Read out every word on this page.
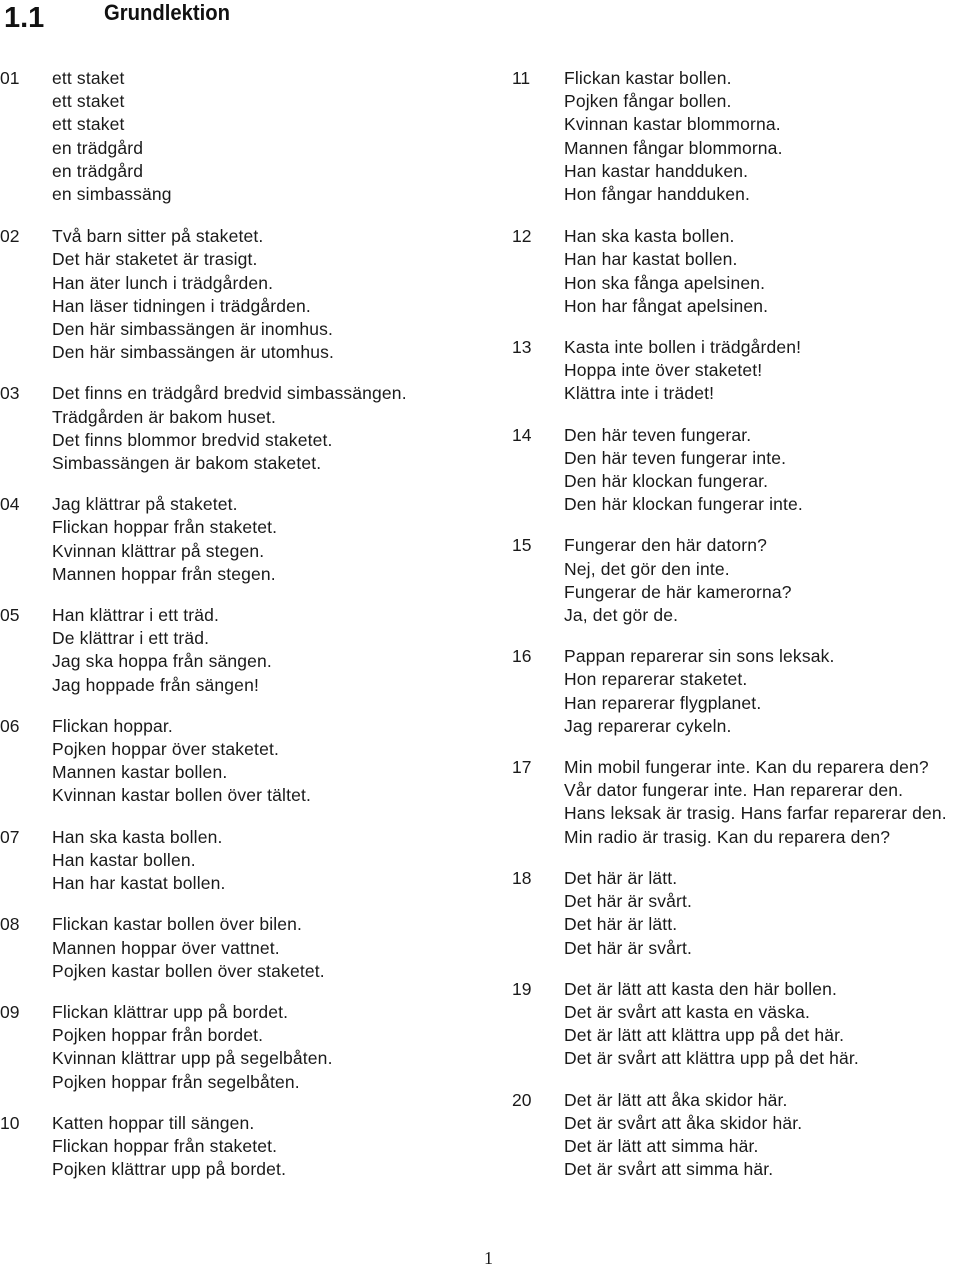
1.1	Grundlektion
01 ett staket
ett staket
ett staket
en trädgård
en trädgård
en simbassäng
02 Två barn sitter på staketet.
Det här staketet är trasigt.
Han äter lunch i trädgården.
Han läser tidningen i trädgården.
Den här simbassängen är inomhus.
Den här simbassängen är utomhus.
03 Det finns en trädgård bredvid simbassängen.
Trädgården är bakom huset.
Det finns blommor bredvid staketet.
Simbassängen är bakom staketet.
04 Jag klättrar på staketet.
Flickan hoppar från staketet.
Kvinnan klättrar på stegen.
Mannen hoppar från stegen.
05 Han klättrar i ett träd.
De klättrar i ett träd.
Jag ska hoppa från sängen.
Jag hoppade från sängen!
06 Flickan hoppar.
Pojken hoppar över staketet.
Mannen kastar bollen.
Kvinnan kastar bollen över tältet.
07 Han ska kasta bollen.
Han kastar bollen.
Han har kastat bollen.
08 Flickan kastar bollen över bilen.
Mannen hoppar över vattnet.
Pojken kastar bollen över staketet.
09 Flickan klättrar upp på bordet.
Pojken hoppar från bordet.
Kvinnan klättrar upp på segelbåten.
Pojken hoppar från segelbåten.
10 Katten hoppar till sängen.
Flickan hoppar från staketet.
Pojken klättrar upp på bordet.
11 Flickan kastar bollen.
Pojken fångar bollen.
Kvinnan kastar blommorna.
Mannen fångar blommorna.
Han kastar handduken.
Hon fångar handduken.
12 Han ska kasta bollen.
Han har kastat bollen.
Hon ska fånga apelsinen.
Hon har fångat apelsinen.
13 Kasta inte bollen i trädgården!
Hoppa inte över staketet!
Klättra inte i trädet!
14 Den här teven fungerar.
Den här teven fungerar inte.
Den här klockan fungerar.
Den här klockan fungerar inte.
15 Fungerar den här datorn?
Nej, det gör den inte.
Fungerar de här kamerorna?
Ja, det gör de.
16 Pappan reparerar sin sons leksak.
Hon reparerar staketet.
Han reparerar flygplanet.
Jag reparerar cykeln.
17 Min mobil fungerar inte. Kan du reparera den?
Vår dator fungerar inte. Han reparerar den.
Hans leksak är trasig. Hans farfar reparerar den.
Min radio är trasig. Kan du reparera den?
18 Det här är lätt.
Det här är svårt.
Det här är lätt.
Det här är svårt.
19 Det är lätt att kasta den här bollen.
Det är svårt att kasta en väska.
Det är lätt att klättra upp på det här.
Det är svårt att klättra upp på det här.
20 Det är lätt att åka skidor här.
Det är svårt att åka skidor här.
Det är lätt att simma här.
Det är svårt att simma här.
1
